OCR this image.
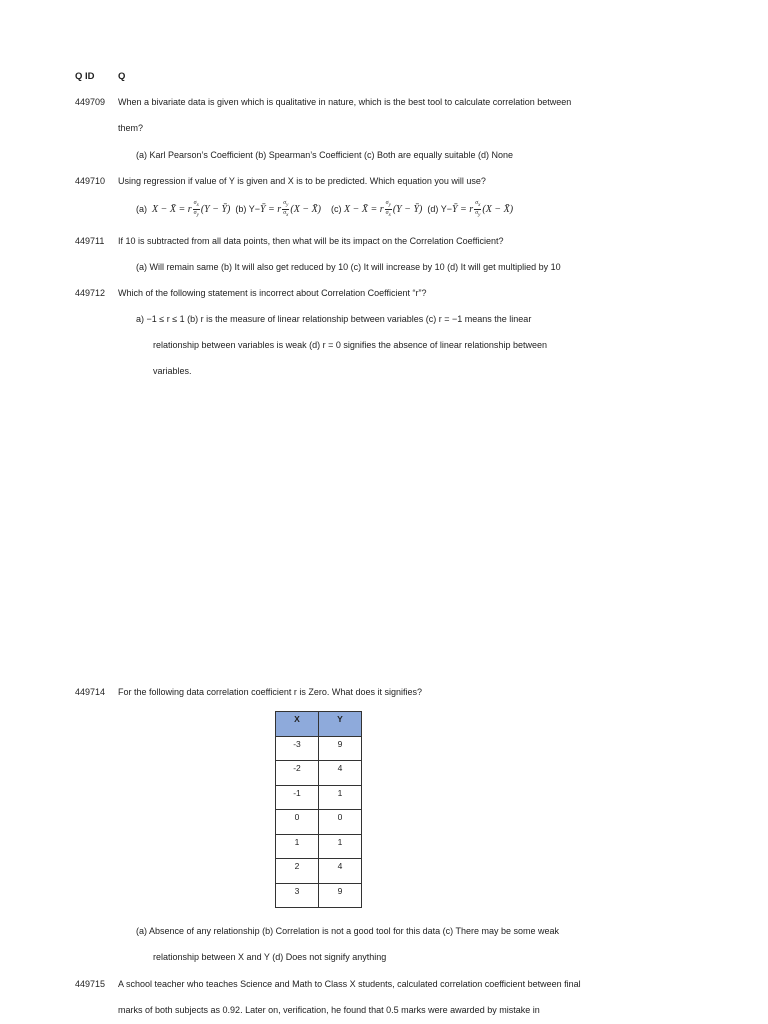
Q ID Q
449709 When a bivariate data is given which is qualitative in nature, which is the best tool to calculate correlation between
them?
(a) Karl Pearson’s Coefficient (b) Spearman’s Coefficient (c) Both are equally suitable (d) None
449710 Using regression if value of Y is given and X is to be predicted. Which equation you will use?
(a)  X − X̄ = r $\frac{\sigma_x}{\sigma_y} (Y$ − Ȳ) (b) Y−Ȳ = r $\frac{\sigma_y}{\sigma_x} (X$ − X̄) (c) X − X̄ = r $\frac{\sigma_y}{\sigma_x} (Y$ − Ȳ) (d) Y−Ȳ = r $\frac{\sigma_x}{\sigma_y} (X$ − X̄)
449711 If 10 is subtracted from all data points, then what will be its impact on the Correlation Coefficient?
(a) Will remain same (b) It will also get reduced by 10 (c) It will increase by 10 (d) It will get multiplied by 10
449712 Which of the following statement is incorrect about Correlation Coefficient “r”?
a) −1 ≤ r ≤ 1 (b) r is the measure of linear relationship between variables (c) r = −1 means the linear
relationship between variables is weak (d) r = 0 signifies the absence of linear relationship between
variables.
449714 For the following data correlation coefficient r is Zero. What does it signifies?
X	Y
-3	9
-2	4
-1	1
0	0
1	1
2	4
3	9
(a) Absence of any relationship (b) Correlation is not a good tool for this data (c) There may be some weak
relationship between X and Y (d) Does not signify anything
449715 A school teacher who teaches Science and Math to Class X students, calculated correlation coefficient between final
marks of both subjects as 0.92. Later on, verification, he found that 0.5 marks were awarded by mistake in
